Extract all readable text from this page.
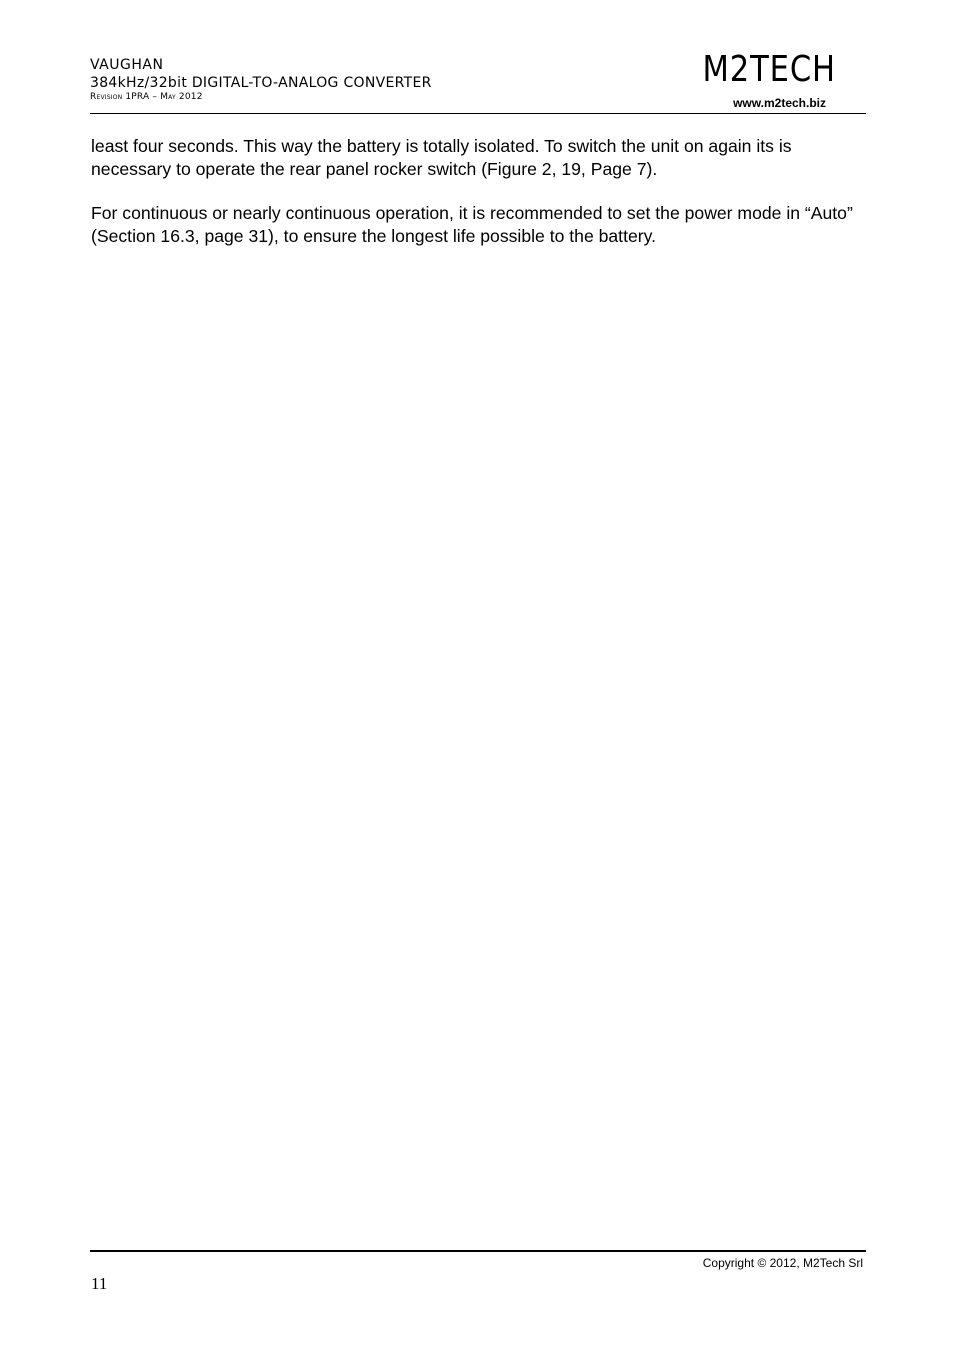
VAUGHAN
384kHz/32bit DIGITAL-TO-ANALOG CONVERTER
Revision 1PRA – May 2012
M2TECH
www.m2tech.biz

least four seconds. This way the battery is totally isolated. To switch the unit on again its is necessary to operate the rear panel rocker switch (Figure 2, 19, Page 7).

For continuous or nearly continuous operation, it is recommended to set the power mode in “Auto” (Section 16.3, page 31), to ensure the longest life possible to the battery.

Copyright © 2012, M2Tech Srl
11
